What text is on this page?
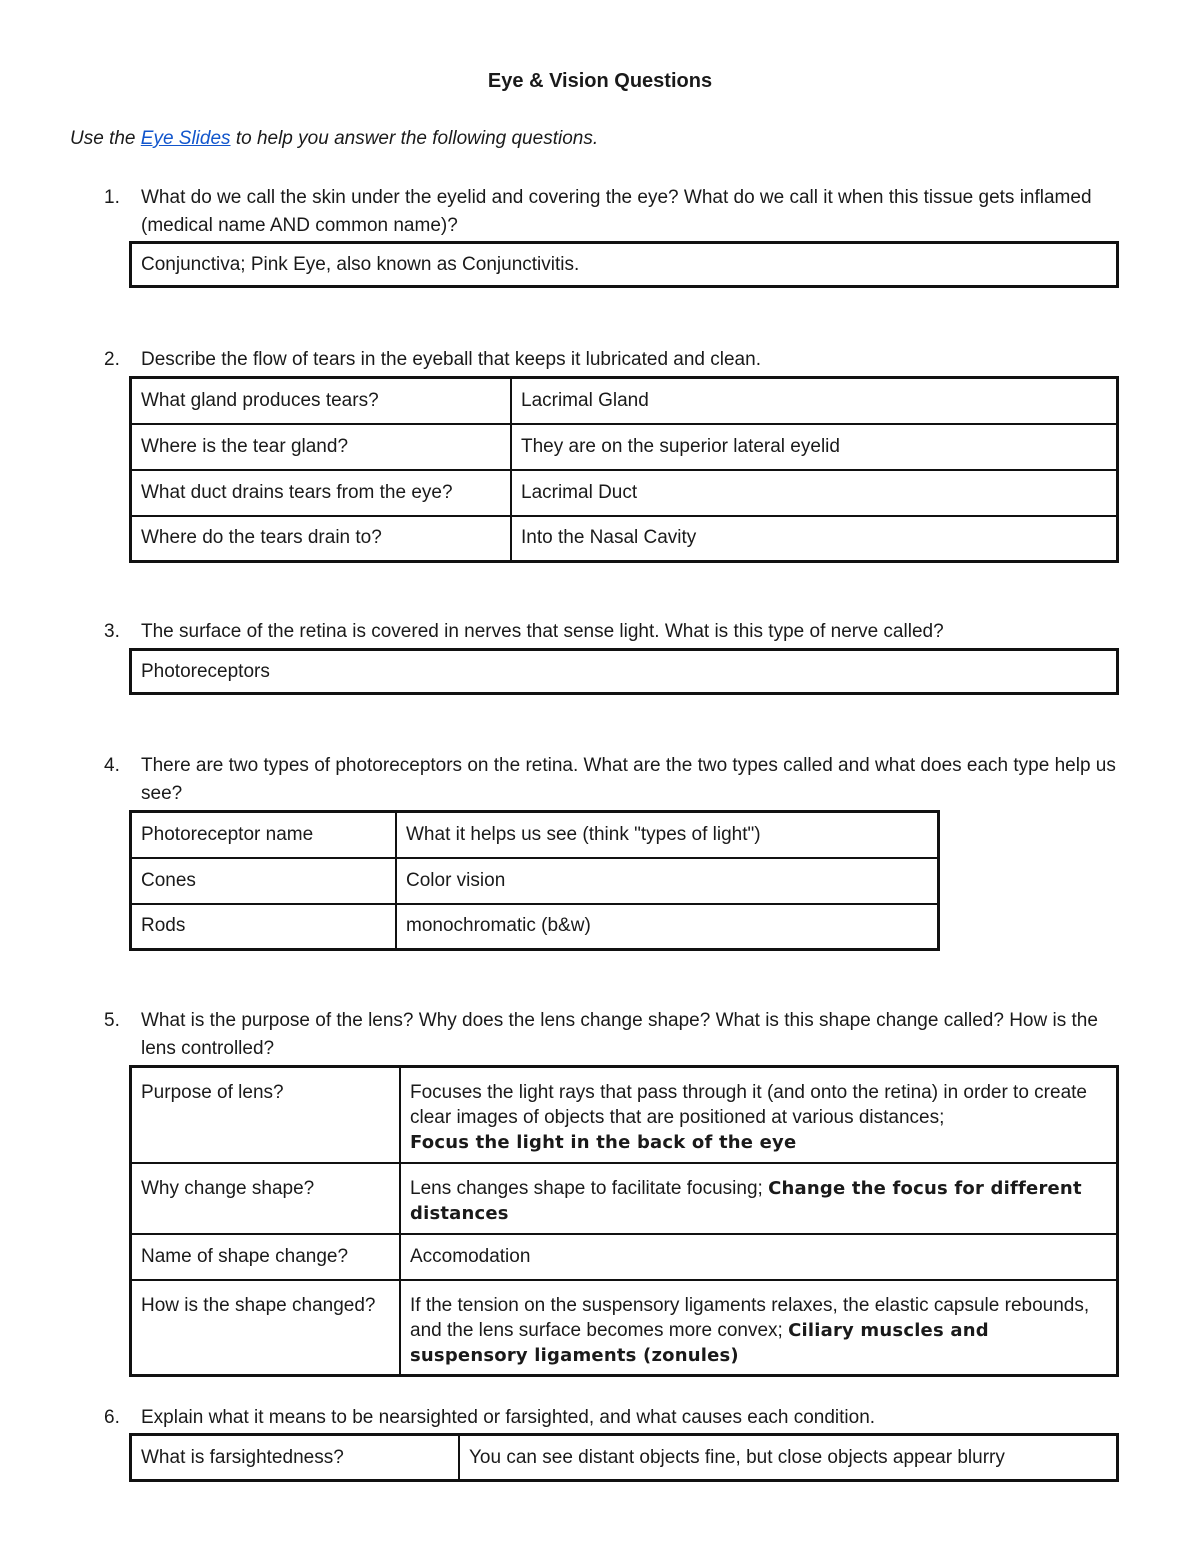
Eye & Vision Questions
Use the Eye Slides to help you answer the following questions.
1. What do we call the skin under the eyelid and covering the eye? What do we call it when this tissue gets inflamed (medical name AND common name)?
Conjunctiva; Pink Eye, also known as Conjunctivitis.
2. Describe the flow of tears in the eyeball that keeps it lubricated and clean.
What gland produces tears?	Lacrimal Gland
Where is the tear gland?	They are on the superior lateral eyelid
What duct drains tears from the eye?	Lacrimal Duct
Where do the tears drain to?	Into the Nasal Cavity
3. The surface of the retina is covered in nerves that sense light. What is this type of nerve called?
Photoreceptors
4. There are two types of photoreceptors on the retina. What are the two types called and what does each type help us see?
Photoreceptor name	What it helps us see (think "types of light")
Cones	Color vision
Rods	monochromatic (b&w)
5. What is the purpose of the lens? Why does the lens change shape? What is this shape change called? How is the lens controlled?
Purpose of lens?	Focuses the light rays that pass through it (and onto the retina) in order to create clear images of objects that are positioned at various distances;
Focus the light in the back of the eye
Why change shape?	Lens changes shape to facilitate focusing; Change the focus for different distances
Name of shape change?	Accomodation
How is the shape changed?	If the tension on the suspensory ligaments relaxes, the elastic capsule rebounds, and the lens surface becomes more convex; Ciliary muscles and suspensory ligaments (zonules)
6. Explain what it means to be nearsighted or farsighted, and what causes each condition.
What is farsightedness?	You can see distant objects fine, but close objects appear blurry
